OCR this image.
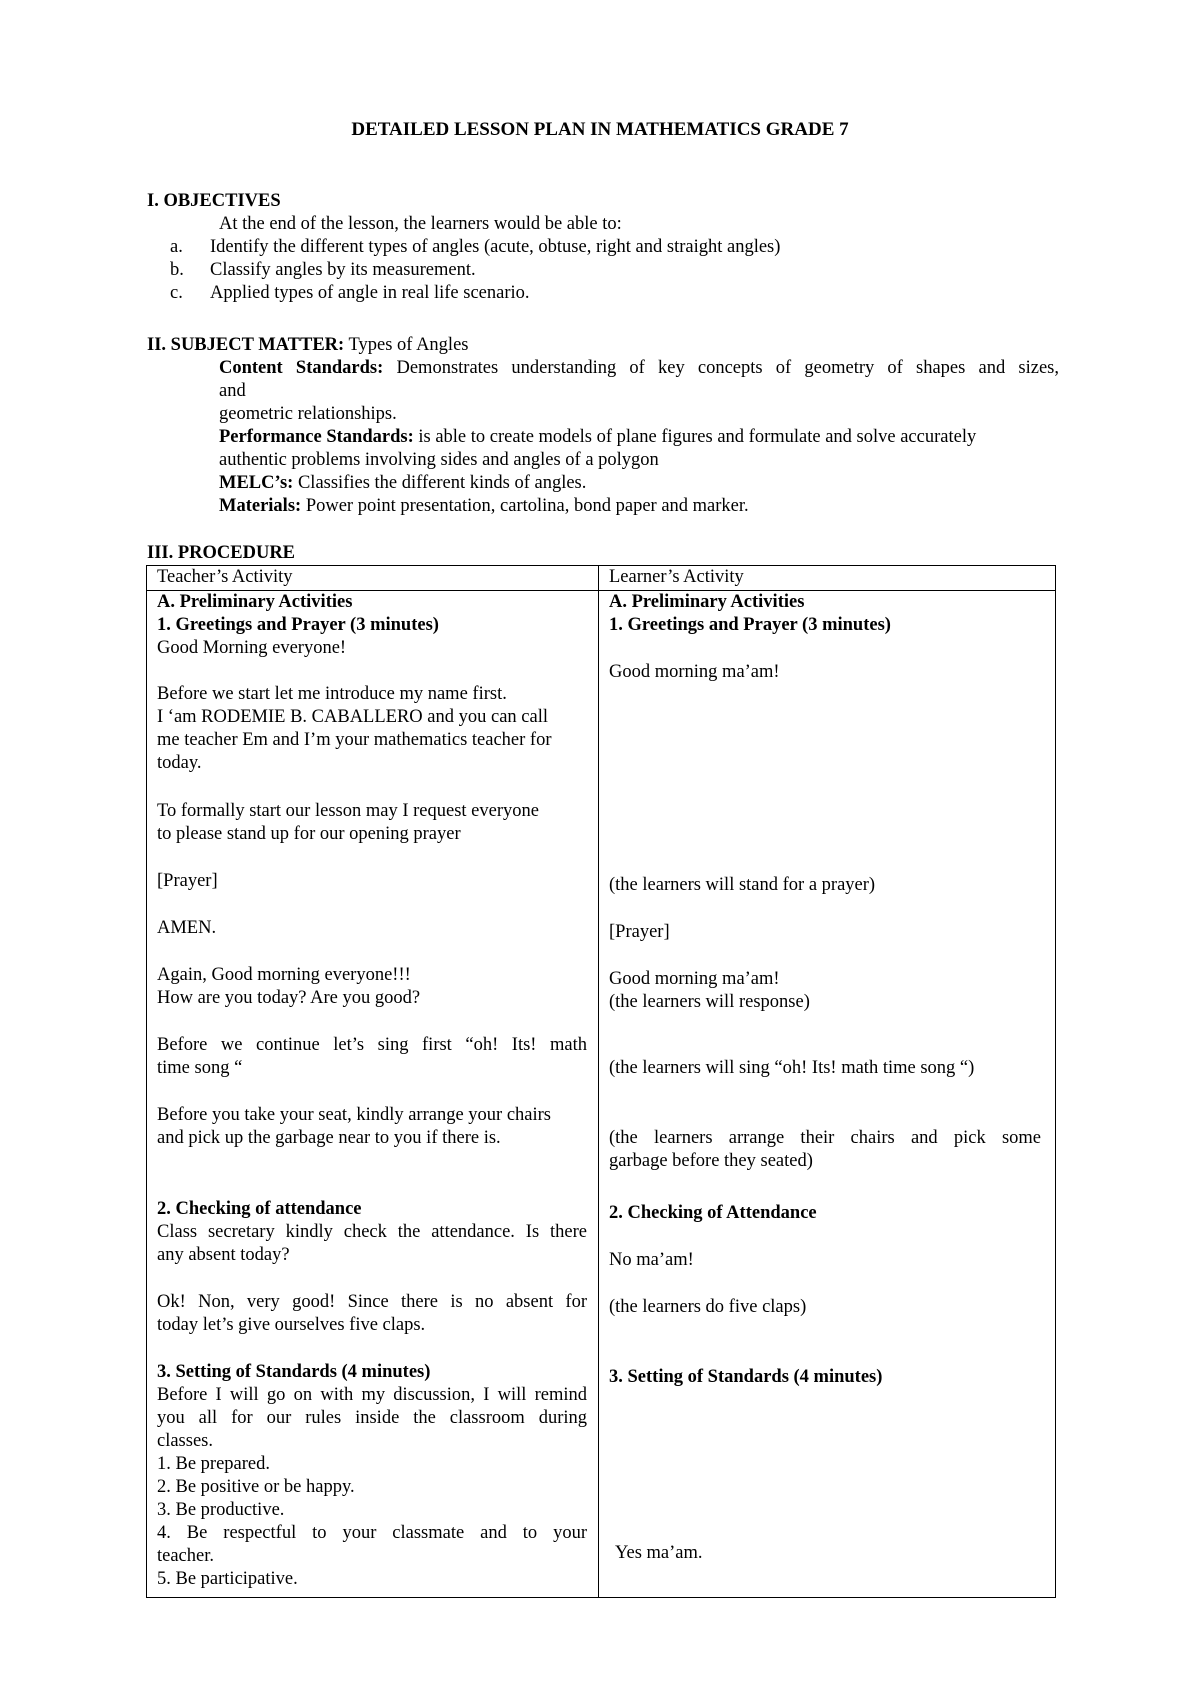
DETAILED LESSON PLAN IN MATHEMATICS GRADE 7
I. OBJECTIVES
At the end of the lesson, the learners would be able to:
a. Identify the different types of angles (acute, obtuse, right and straight angles)
b. Classify angles by its measurement.
c. Applied types of angle in real life scenario.
II. SUBJECT MATTER: Types of Angles

Content Standards: Demonstrates understanding of key concepts of geometry of shapes and sizes,

and

geometric relationships.

Performance Standards: is able to create models of plane figures and formulate and solve accurately

authentic problems involving sides and angles of a polygon

MELC’s: Classifies the different kinds of angles.

Materials: Power point presentation, cartolina, bond paper and marker.

III. PROCEDURE
Teacher’s Activity	Learner’s Activity

A. Preliminary Activities

1. Greetings and Prayer (3 minutes)

Good Morning everyone!

Before we start let me introduce my name first.

I ‘am RODEMIE B. CABALLERO and you can call

me teacher Em and I’m your mathematics teacher for

today.

To formally start our lesson may I request everyone

to please stand up for our opening prayer

[Prayer]
AMEN.

Again, Good morning everyone!!!

How are you today? Are you good?

Before we continue let’s sing first “oh! Its! math

time song “

Before you take your seat, kindly arrange your chairs

and pick up the garbage near to you if there is.

2. Checking of attendance

Class secretary kindly check the attendance. Is there

any absent today?

Ok! Non, very good! Since there is no absent for

today let’s give ourselves five claps.

3. Setting of Standards (4 minutes)

Before I will go on with my discussion, I will remind

you all for our rules inside the classroom during

classes.

1. Be prepared.

2. Be positive or be happy.

3. Be productive.

4. Be respectful to your classmate and to your

teacher.

5. Be participative.

A. Preliminary Activities

1. Greetings and Prayer (3 minutes)

Good morning ma’am!
(the learners will stand for a prayer)
[Prayer]

Good morning ma’am!

(the learners will response)

(the learners will sing “oh! Its! math time song “)

(the learners arrange their chairs and pick some

garbage before they seated)

2. Checking of Attendance

No ma’am!
(the learners do five claps)

3. Setting of Standards (4 minutes)

Yes ma’am.
